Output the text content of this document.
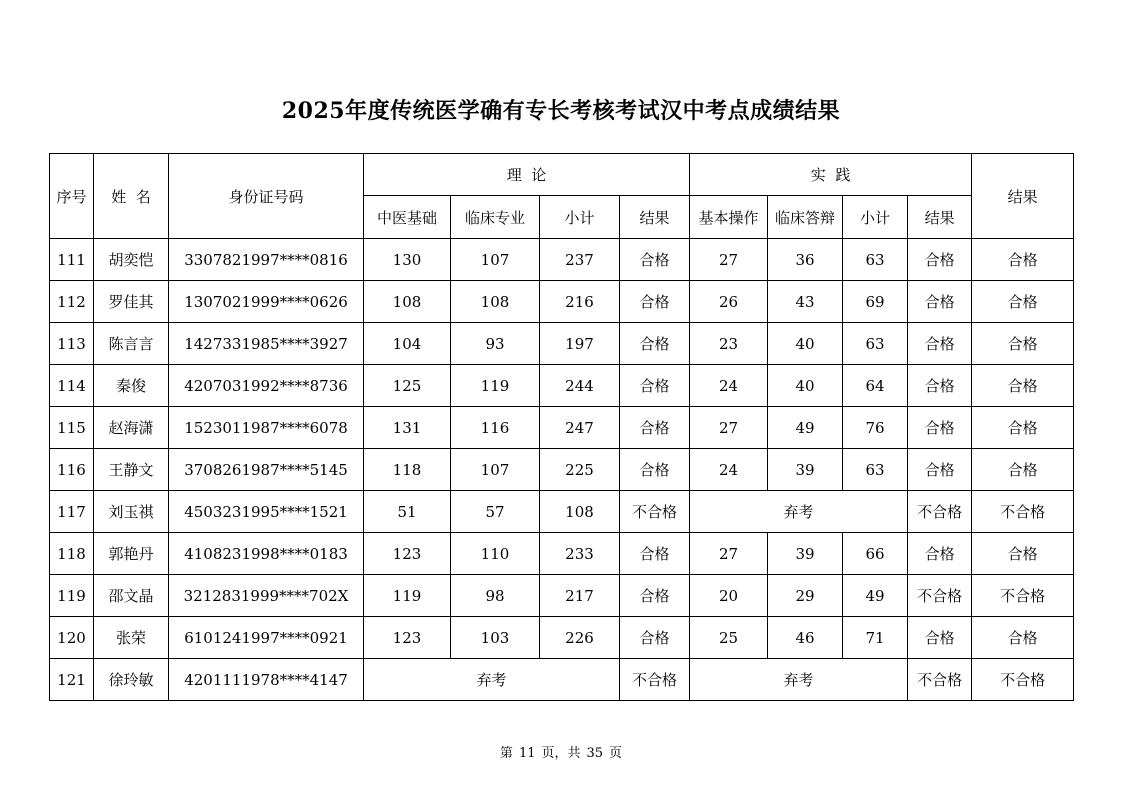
2025年度传统医学确有专长考核考试汉中考点成绩结果
序号	姓  名	身份证号码	理  论				实  践				结果
			中医基础	临床专业	小计	结果	基本操作	临床答辩	小计	结果	
111	胡奕恺	3307821997****0816	130	107	237	合格	27	36	63	合格	合格
112	罗佳其	1307021999****0626	108	108	216	合格	26	43	69	合格	合格
113	陈言言	1427331985****3927	104	93	197	合格	23	40	63	合格	合格
114	秦俊	4207031992****8736	125	119	244	合格	24	40	64	合格	合格
115	赵海潇	1523011987****6078	131	116	247	合格	27	49	76	合格	合格
116	王静文	3708261987****5145	118	107	225	合格	24	39	63	合格	合格
117	刘玉祺	4503231995****1521	51	57	108	不合格	弃考			不合格	不合格
118	郭艳丹	4108231998****0183	123	110	233	合格	27	39	66	合格	合格
119	邵文晶	3212831999****702X	119	98	217	合格	20	29	49	不合格	不合格
120	张荣	6101241997****0921	123	103	226	合格	25	46	71	合格	合格
121	徐玲敏	4201111978****4147	弃考			不合格	弃考			不合格	不合格
第 11 页，共 35 页
